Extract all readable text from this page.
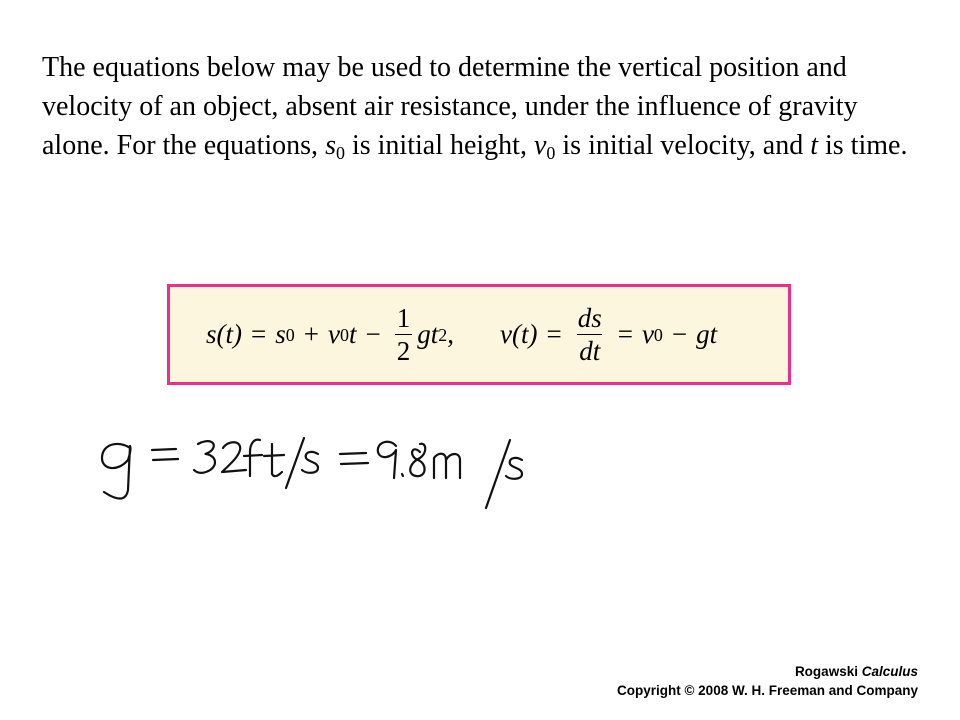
The equations below may be used to determine the vertical position and velocity of an object, absent air resistance, under the influence of gravity alone. For the equations, $s_0$ is initial height, $v_0$ is initial velocity, and t is time.

s(t) = s 0 + v 0 $t - \frac{1}{2}$ gt 2 , $v(t) = \frac{ds}{dt} = v$ 0 − gt
Rogawski Calculus
Copyright © 2008 W. H. Freeman and Company
